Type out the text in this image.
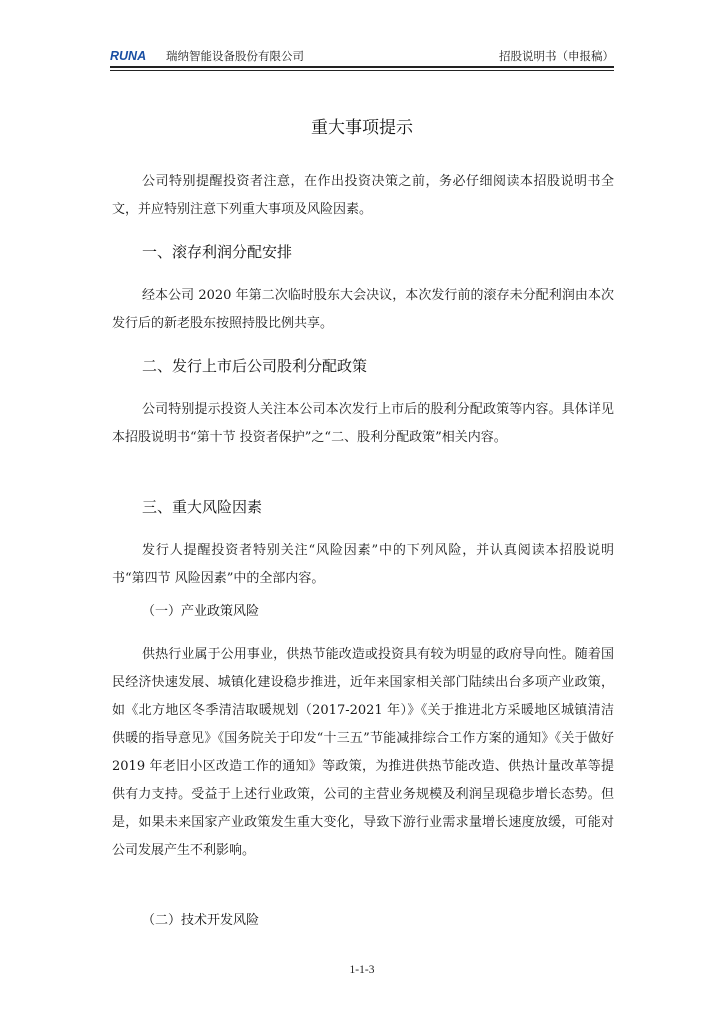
RUNA 瑞纳智能设备股份有限公司	招股说明书（申报稿）
重大事项提示
公司特别提醒投资者注意，在作出投资决策之前，务必仔细阅读本招股说明书全文，并应特别注意下列重大事项及风险因素。
一、滚存利润分配安排
经本公司 2020 年第二次临时股东大会决议，本次发行前的滚存未分配利润由本次发行后的新老股东按照持股比例共享。
二、发行上市后公司股利分配政策
公司特别提示投资人关注本公司本次发行上市后的股利分配政策等内容。具体详见本招股说明书“第十节 投资者保护”之“二、股利分配政策”相关内容。
三、重大风险因素
发行人提醒投资者特别关注“风险因素”中的下列风险，并认真阅读本招股说明书“第四节 风险因素”中的全部内容。
（一）产业政策风险
供热行业属于公用事业，供热节能改造或投资具有较为明显的政府导向性。随着国民经济快速发展、城镇化建设稳步推进，近年来国家相关部门陆续出台多项产业政策，如《北方地区冬季清洁取暖规划（2017-2021 年）》《关于推进北方采暖地区城镇清洁供暖的指导意见》《国务院关于印发“十三五”节能减排综合工作方案的通知》《关于做好 2019 年老旧小区改造工作的通知》等政策，为推进供热节能改造、供热计量改革等提供有力支持。受益于上述行业政策，公司的主营业务规模及利润呈现稳步增长态势。但是，如果未来国家产业政策发生重大变化，导致下游行业需求量增长速度放缓，可能对公司发展产生不利影响。
（二）技术开发风险
1-1-3
